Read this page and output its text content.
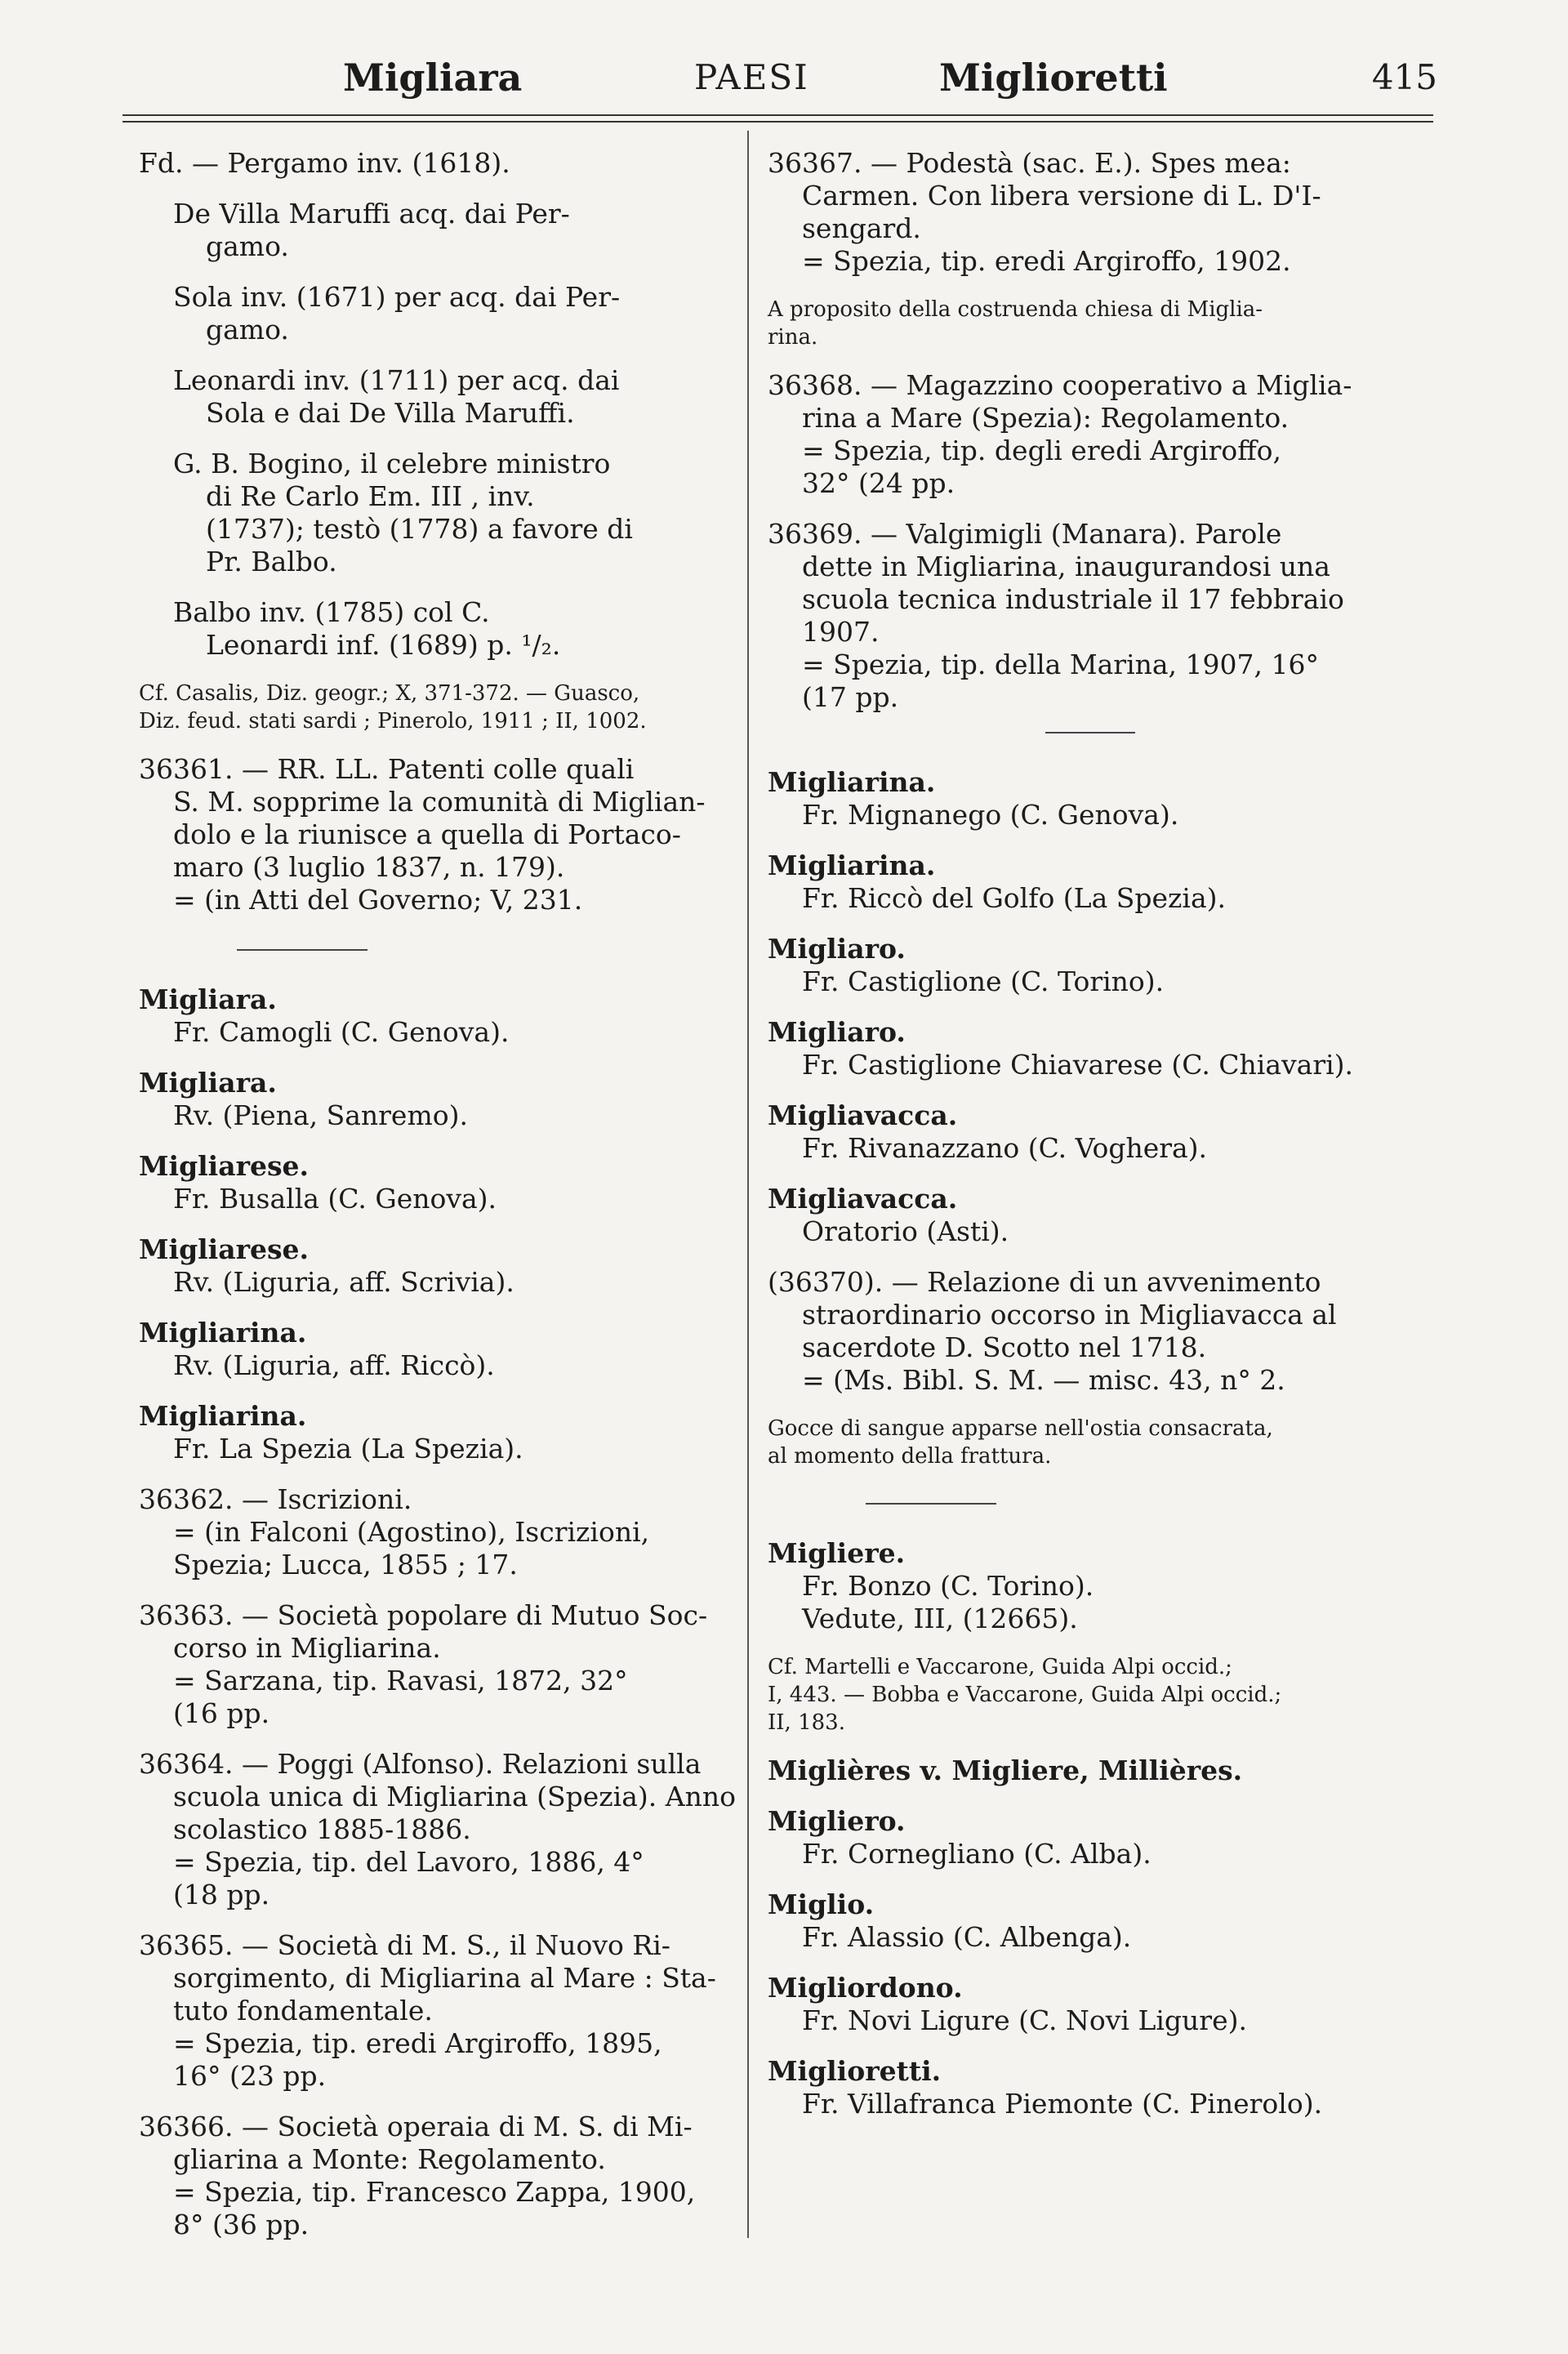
Migliara	PAESI	Miglioretti	415
Fd. — Pergamo inv. (1618).
De Villa Maruffi acq. dai Per-
gamo.
Sola inv. (1671) per acq. dai Per-
gamo.
Leonardi inv. (1711) per acq. dai
Sola e dai De Villa Maruffi.
G. B. Bogino, il celebre ministro
di Re Carlo Em. III , inv.
(1737); testò (1778) a favore di
Pr. Balbo.
Balbo inv. (1785) col C.
Leonardi inf. (1689) p. ¹/₂.
Cf. Casalis, Diz. geogr.; X, 371-372. — Guasco,
Diz. feud. stati sardi ; Pinerolo, 1911 ; II, 1002.
36361. — RR. LL. Patenti colle quali
S. M. sopprime la comunità di Miglian-
dolo e la riunisce a quella di Portaco-
maro (3 luglio 1837, n. 179).
= (in Atti del Governo; V, 231.
Migliara.
Fr. Camogli (C. Genova).
Migliara.
Rv. (Piena, Sanremo).
Migliarese.
Fr. Busalla (C. Genova).
Migliarese.
Rv. (Liguria, aff. Scrivia).
Migliarina.
Rv. (Liguria, aff. Riccò).
Migliarina.
Fr. La Spezia (La Spezia).
36362. — Iscrizioni.
= (in Falconi (Agostino), Iscrizioni,
Spezia; Lucca, 1855 ; 17.
36363. — Società popolare di Mutuo Soc-
corso in Migliarina.
= Sarzana, tip. Ravasi, 1872, 32°
(16 pp.
36364. — Poggi (Alfonso). Relazioni sulla
scuola unica di Migliarina (Spezia). Anno
scolastico 1885-1886.
= Spezia, tip. del Lavoro, 1886, 4°
(18 pp.
36365. — Società di M. S., il Nuovo Ri-
sorgimento, di Migliarina al Mare : Sta-
tuto fondamentale.
= Spezia, tip. eredi Argiroffo, 1895,
16° (23 pp.
36366. — Società operaia di M. S. di Mi-
gliarina a Monte: Regolamento.
= Spezia, tip. Francesco Zappa, 1900,
8° (36 pp.
36367. — Podestà (sac. E.). Spes mea:
Carmen. Con libera versione di L. D'I-
sengard.
= Spezia, tip. eredi Argiroffo, 1902.
A proposito della costruenda chiesa di Miglia-
rina.
36368. — Magazzino cooperativo a Miglia-
rina a Mare (Spezia): Regolamento.
= Spezia, tip. degli eredi Argiroffo,
32° (24 pp.
36369. — Valgimigli (Manara). Parole
dette in Migliarina, inaugurandosi una
scuola tecnica industriale il 17 febbraio
1907.
= Spezia, tip. della Marina, 1907, 16°
(17 pp.
Migliarina.
Fr. Mignanego (C. Genova).
Migliarina.
Fr. Riccò del Golfo (La Spezia).
Migliaro.
Fr. Castiglione (C. Torino).
Migliaro.
Fr. Castiglione Chiavarese (C. Chiavari).
Migliavacca.
Fr. Rivanazzano (C. Voghera).
Migliavacca.
Oratorio (Asti).
(36370). — Relazione di un avvenimento
straordinario occorso in Migliavacca al
sacerdote D. Scotto nel 1718.
= (Ms. Bibl. S. M. — misc. 43, n° 2.
Gocce di sangue apparse nell'ostia consacrata,
al momento della frattura.
Migliere.
Fr. Bonzo (C. Torino).
Vedute, III, (12665).
Cf. Martelli e Vaccarone, Guida Alpi occid.;
I, 443. — Bobba e Vaccarone, Guida Alpi occid.;
II, 183.
Miglières v. Migliere, Millières.
Migliero.
Fr. Cornegliano (C. Alba).
Miglio.
Fr. Alassio (C. Albenga).
Migliordono.
Fr. Novi Ligure (C. Novi Ligure).
Miglioretti.
Fr. Villafranca Piemonte (C. Pinerolo).
